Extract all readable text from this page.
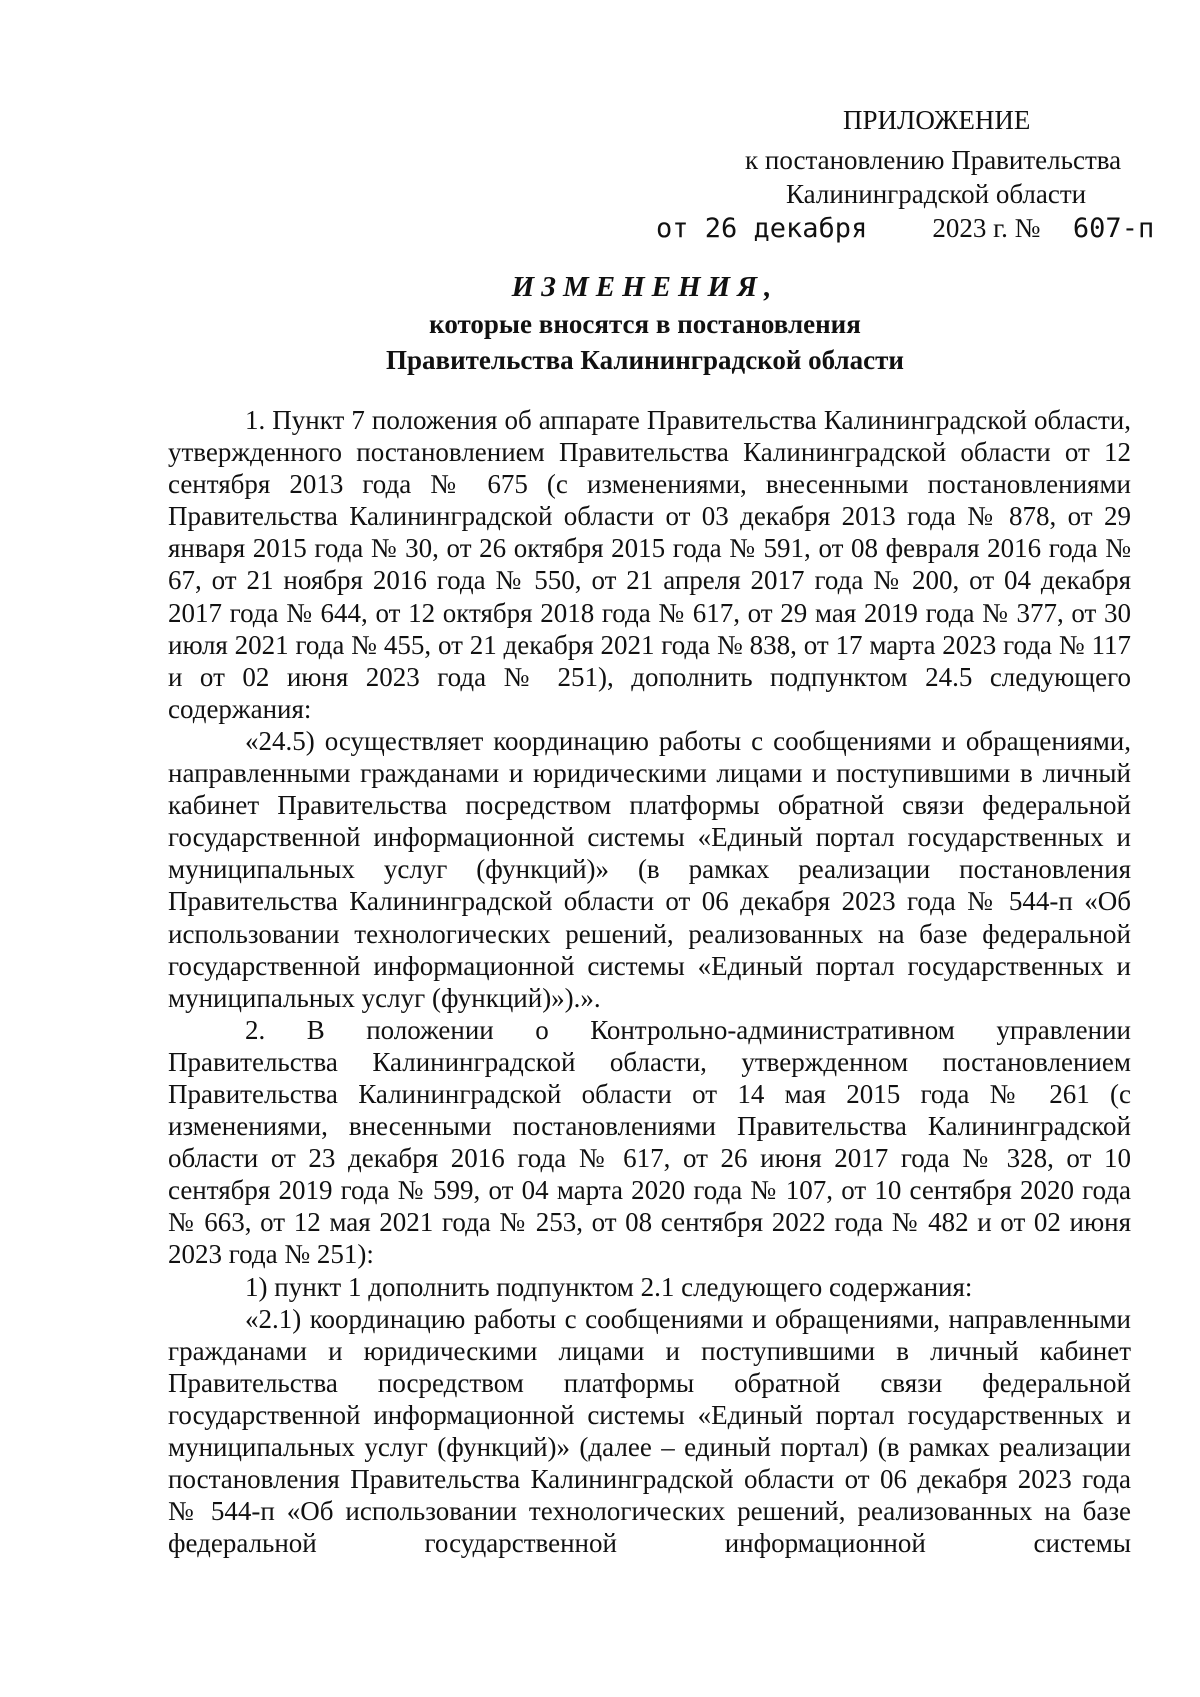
ПРИЛОЖЕНИЕ
к постановлению Правительства
Калининградской области
от 26 декабря 2023 г. № 607-п
ИЗМЕНЕНИЯ,
которые вносятся в постановления
Правительства Калининградской области

1. Пункт 7 положения об аппарате Правительства Калининградской области, утвержденного постановлением Правительства Калининградской области от 12 сентября 2013 года № 675 (с изменениями, внесенными постановлениями Правительства Калининградской области от 03 декабря 2013 года № 878, от 29 января 2015 года № 30, от 26 октября 2015 года № 591, от 08 февраля 2016 года № 67, от 21 ноября 2016 года № 550, от 21 апреля 2017 года № 200, от 04 декабря 2017 года № 644, от 12 октября 2018 года № 617, от 29 мая 2019 года № 377, от 30 июля 2021 года № 455, от 21 декабря 2021 года № 838, от 17 марта 2023 года № 117 и от 02 июня 2023 года № 251), дополнить подпунктом 24.5 следующего содержания:

«24.5) осуществляет координацию работы с сообщениями и обращениями, направленными гражданами и юридическими лицами и поступившими в личный кабинет Правительства посредством платформы обратной связи федеральной государственной информационной системы «Единый портал государственных и муниципальных услуг (функций)» (в рамках реализации постановления Правительства Калининградской области от 06 декабря 2023 года № 544-п «Об использовании технологических решений, реализованных на базе федеральной государственной информационной системы «Единый портал государственных и муниципальных услуг (функций)»).».

2. В положении о Контрольно-административном управлении Правительства Калининградской области, утвержденном постановлением Правительства Калининградской области от 14 мая 2015 года № 261 (с изменениями, внесенными постановлениями Правительства Калининградской области от 23 декабря 2016 года № 617, от 26 июня 2017 года № 328, от 10 сентября 2019 года № 599, от 04 марта 2020 года № 107, от 10 сентября 2020 года № 663, от 12 мая 2021 года № 253, от 08 сентября 2022 года № 482 и от 02 июня 2023 года № 251):

1) пункт 1 дополнить подпунктом 2.1 следующего содержания:

«2.1) координацию работы с сообщениями и обращениями, направленными гражданами и юридическими лицами и поступившими в личный кабинет Правительства посредством платформы обратной связи федеральной государственной информационной системы «Единый портал государственных и муниципальных услуг (функций)» (далее – единый портал) (в рамках реализации постановления Правительства Калининградской области от 06 декабря 2023 года № 544-п «Об использовании технологических решений, реализованных на базе федеральной государственной информационной системы
